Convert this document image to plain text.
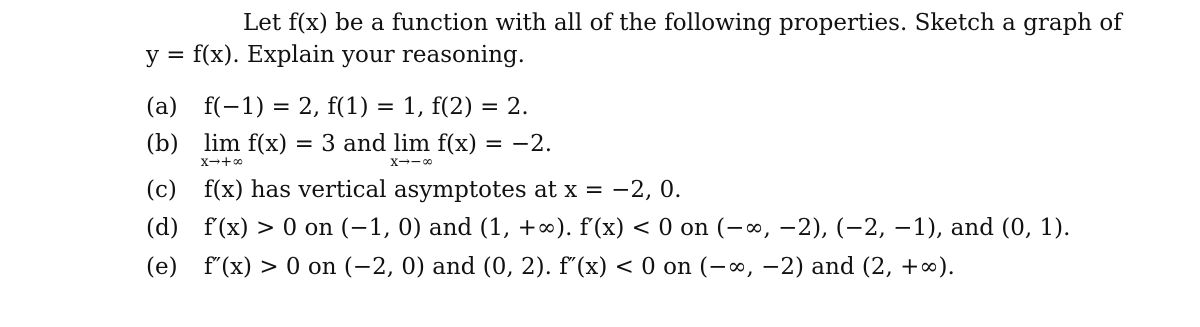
Let f(x) be a function with all of the following properties. Sketch a graph of
y = f(x). Explain your reasoning.
(a) f(−1) = 2, f(1) = 1, f(2) = 2.
(b) lim
x→+∞
f(x) = 3 and lim
x→−∞
f(x) = −2.
(c) f(x) has vertical asymptotes at x = −2, 0.
(d) f′(x) > 0 on (−1, 0) and (1, +∞). f′(x) < 0 on (−∞, −2), (−2, −1), and (0, 1).
(e) f″(x) > 0 on (−2, 0) and (0, 2). f″(x) < 0 on (−∞, −2) and (2, +∞).
